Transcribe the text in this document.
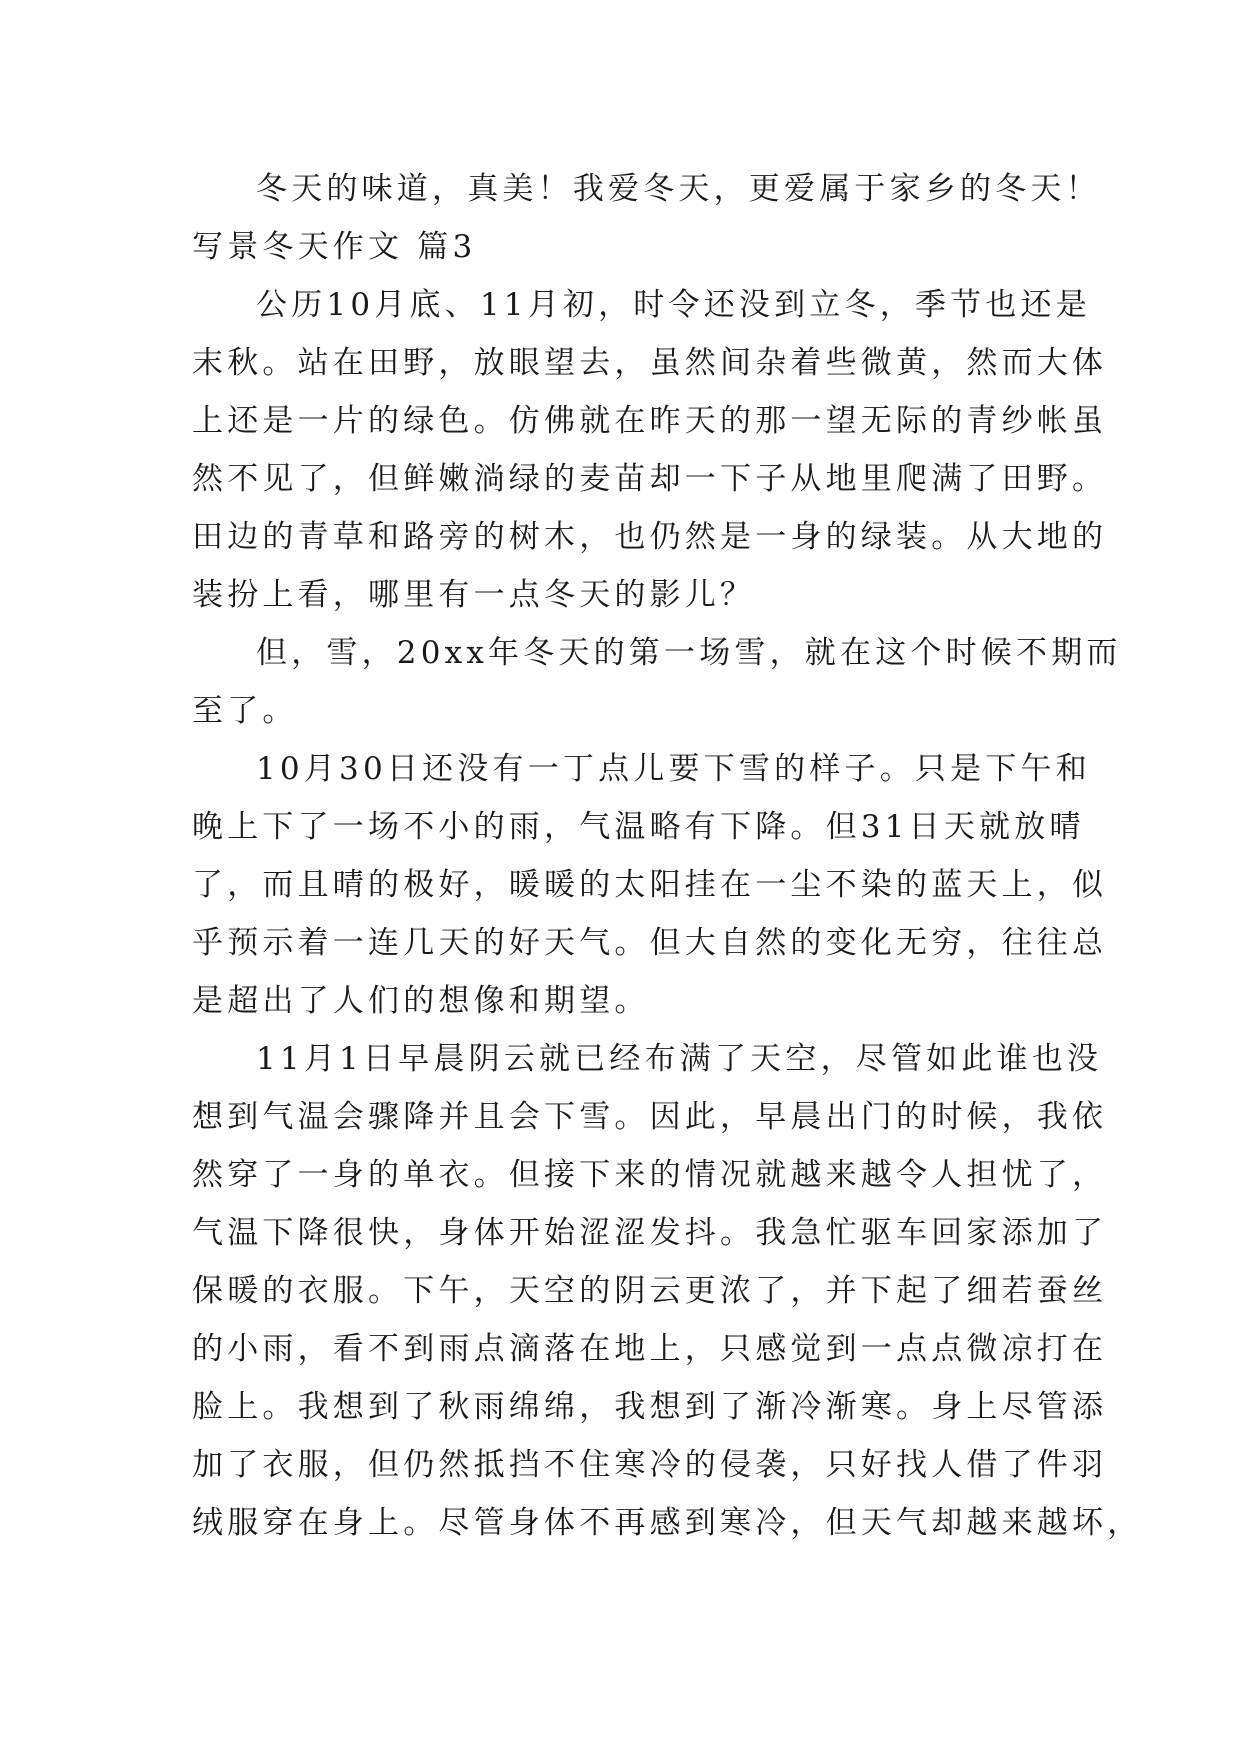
冬天的味道，真美！我爱冬天，更爱属于家乡的冬天！
写景冬天作文 篇3
公历10月底、11月初，时令还没到立冬，季节也还是
末秋。站在田野，放眼望去，虽然间杂着些微黄，然而大体
上还是一片的绿色。仿佛就在昨天的那一望无际的青纱帐虽
然不见了，但鲜嫩淌绿的麦苗却一下子从地里爬满了田野。
田边的青草和路旁的树木，也仍然是一身的绿装。从大地的
装扮上看，哪里有一点冬天的影儿？
但，雪，20xx年冬天的第一场雪，就在这个时候不期而
至了。
10月30日还没有一丁点儿要下雪的样子。只是下午和
晚上下了一场不小的雨，气温略有下降。但31日天就放晴
了，而且晴的极好，暖暖的太阳挂在一尘不染的蓝天上，似
乎预示着一连几天的好天气。但大自然的变化无穷，往往总
是超出了人们的想像和期望。
11月1日早晨阴云就已经布满了天空，尽管如此谁也没
想到气温会骤降并且会下雪。因此，早晨出门的时候，我依
然穿了一身的单衣。但接下来的情况就越来越令人担忧了，
气温下降很快，身体开始涩涩发抖。我急忙驱车回家添加了
保暖的衣服。下午，天空的阴云更浓了，并下起了细若蚕丝
的小雨，看不到雨点滴落在地上，只感觉到一点点微凉打在
脸上。我想到了秋雨绵绵，我想到了渐冷渐寒。身上尽管添
加了衣服，但仍然抵挡不住寒冷的侵袭，只好找人借了件羽
绒服穿在身上。尽管身体不再感到寒冷，但天气却越来越坏，
